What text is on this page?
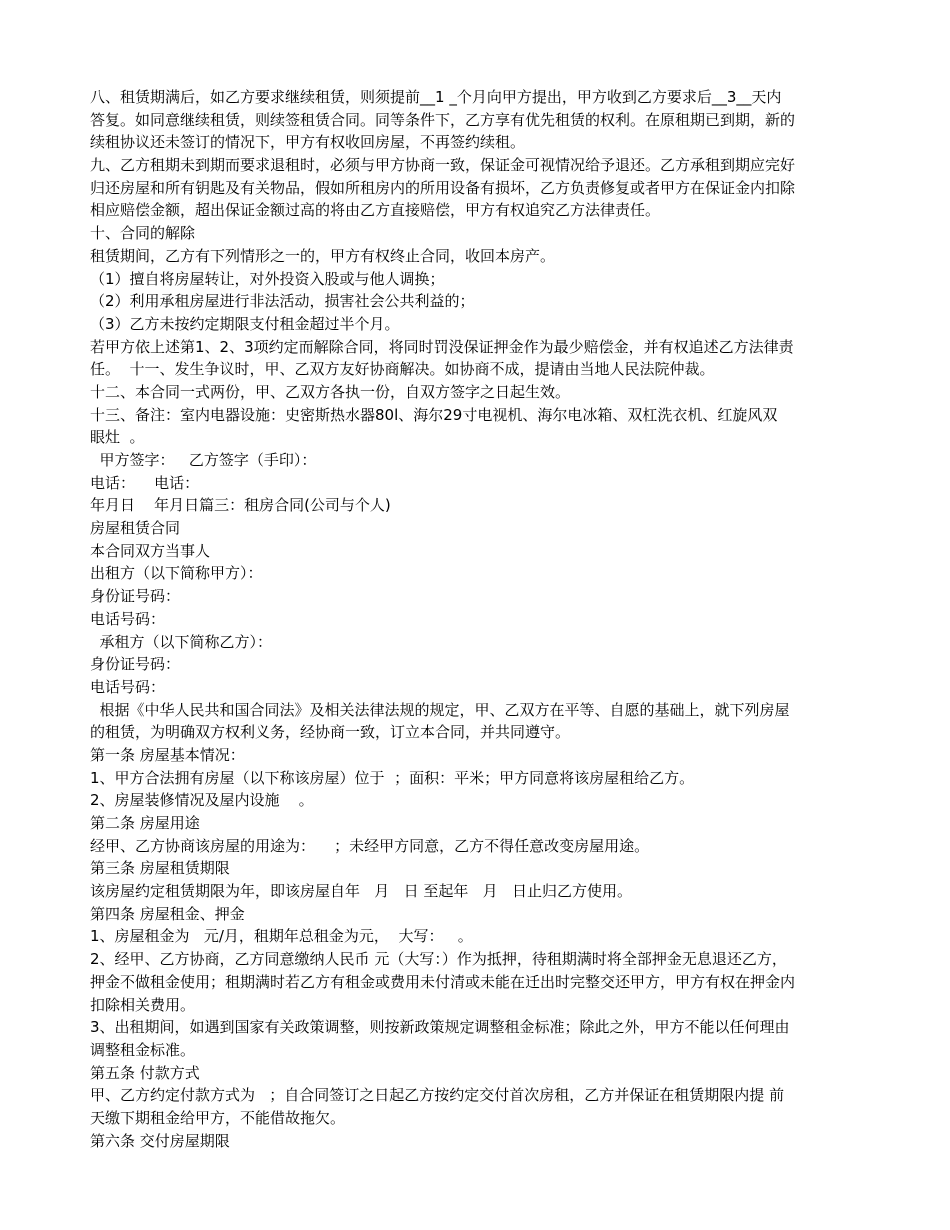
八、租赁期满后，如乙方要求继续租赁，则须提前__1 _个月向甲方提出，甲方收到乙方要求后__3__天内
答复。如同意继续租赁，则续签租赁合同。同等条件下，乙方享有优先租赁的权利。在原租期已到期，新的
续租协议还未签订的情况下，甲方有权收回房屋，不再签约续租。
九、乙方租期未到期而要求退租时，必须与甲方协商一致，保证金可视情况给予退还。乙方承租到期应完好
归还房屋和所有钥匙及有关物品，假如所租房内的所用设备有损坏，乙方负责修复或者甲方在保证金内扣除
相应赔偿金额，超出保证金额过高的将由乙方直接赔偿，甲方有权追究乙方法律责任。
十、合同的解除
租赁期间，乙方有下列情形之一的，甲方有权终止合同，收回本房产。
（1）擅自将房屋转让，对外投资入股或与他人调换；
（2）利用承租房屋进行非法活动，损害社会公共利益的；
（3）乙方未按约定期限支付租金超过半个月。
若甲方依上述第1、2、3项约定而解除合同，将同时罚没保证押金作为最少赔偿金，并有权追述乙方法律责
任。  十一、发生争议时，甲、乙双方友好协商解决。如协商不成，提请由当地人民法院仲裁。
十二、本合同一式两份，甲、乙双方各执一份，自双方签字之日起生效。
十三、备注：室内电器设施：史密斯热水器80l、海尔29寸电视机、海尔电冰箱、双杠洗衣机、红旋风双
眼灶  。
甲方签字：   乙方签字（手印）：
电话：    电话：
年月日    年月日篇三：租房合同(公司与个人)
房屋租赁合同
本合同双方当事人
出租方（以下简称甲方）：
身份证号码：
电话号码：
承租方（以下简称乙方）：
身份证号码：
电话号码：
根据《中华人民共和国合同法》及相关法律法规的规定，甲、乙双方在平等、自愿的基础上，就下列房屋
的租赁，为明确双方权利义务，经协商一致，订立本合同，并共同遵守。
第一条 房屋基本情况：
1、甲方合法拥有房屋（以下称该房屋）位于  ；面积：平米；甲方同意将该房屋租给乙方。
2、房屋装修情况及屋内设施    。
第二条 房屋用途
经甲、乙方协商该房屋的用途为：    ；未经甲方同意，乙方不得任意改变房屋用途。
第三条 房屋租赁期限
该房屋约定租赁期限为年，即该房屋自年   月   日 至起年   月   日止归乙方使用。
第四条 房屋租金、押金
1、房屋租金为   元/月，租期年总租金为元，  大写：   。
2、经甲、乙方协商，乙方同意缴纳人民币 元（大写：）作为抵押，待租期满时将全部押金无息退还乙方，
押金不做租金使用；租期满时若乙方有租金或费用未付清或未能在迁出时完整交还甲方，甲方有权在押金内
扣除相关费用。
3、出租期间，如遇到国家有关政策调整，则按新政策规定调整租金标准；除此之外，甲方不能以任何理由
调整租金标准。
第五条 付款方式
甲、乙方约定付款方式为   ；自合同签订之日起乙方按约定交付首次房租，乙方并保证在租赁期限内提 前
天缴下期租金给甲方，不能借故拖欠。
第六条 交付房屋期限
